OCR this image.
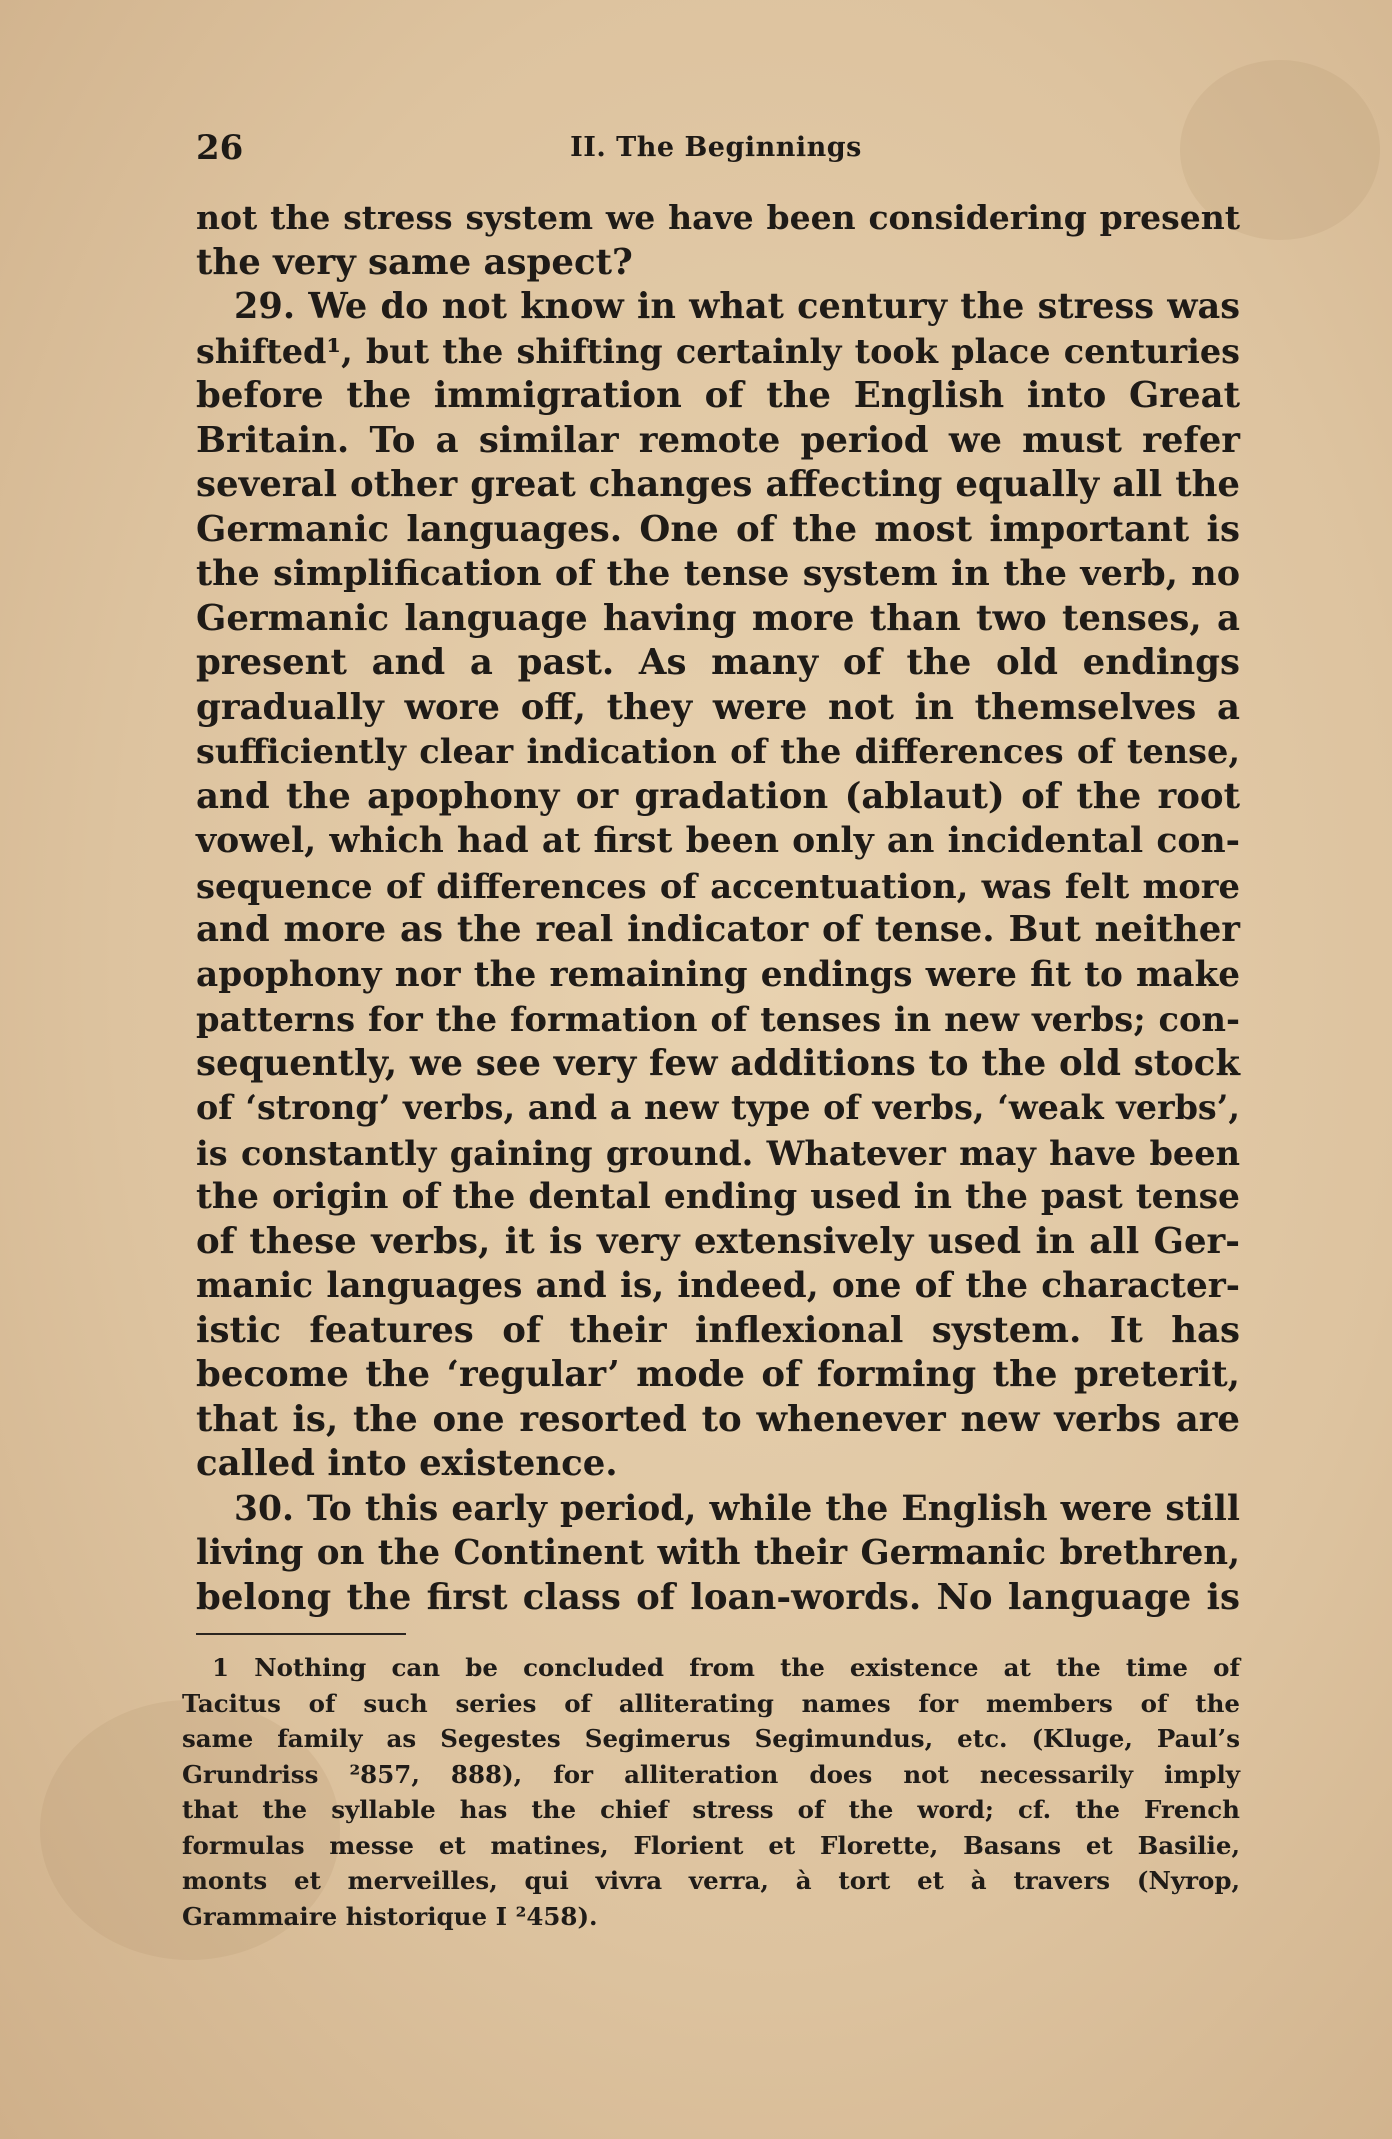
26	II. The Beginnings
not the stress system we have been considering present
the very same aspect?
29. We do not know in what century the stress was
shifted¹, but the shifting certainly took place centuries
before the immigration of the English into Great
Britain. To a similar remote period we must refer
several other great changes affecting equally all the
Germanic languages. One of the most important is
the simplification of the tense system in the verb, no
Germanic language having more than two tenses, a
present and a past. As many of the old endings
gradually wore off, they were not in themselves a
sufficiently clear indication of the differences of tense,
and the apophony or gradation (ablaut) of the root
vowel, which had at first been only an incidental con-
sequence of differences of accentuation, was felt more
and more as the real indicator of tense. But neither
apophony nor the remaining endings were fit to make
patterns for the formation of tenses in new verbs; con-
sequently, we see very few additions to the old stock
of ‘strong’ verbs, and a new type of verbs, ‘weak verbs’,
is constantly gaining ground. Whatever may have been
the origin of the dental ending used in the past tense
of these verbs, it is very extensively used in all Ger-
manic languages and is, indeed, one of the character-
istic features of their inflexional system. It has
become the ‘regular’ mode of forming the preterit,
that is, the one resorted to whenever new verbs are
called into existence.
30. To this early period, while the English were still
living on the Continent with their Germanic brethren,
belong the first class of loan-words. No language is
1 Nothing can be concluded from the existence at the time of
Tacitus of such series of alliterating names for members of the
same family as Segestes Segimerus Segimundus, etc. (Kluge, Paul’s
Grundriss ²857, 888), for alliteration does not necessarily imply
that the syllable has the chief stress of the word; cf. the French
formulas messe et matines, Florient et Florette, Basans et Basilie,
monts et merveilles, qui vivra verra, à tort et à travers (Nyrop,
Grammaire historique I ²458).
